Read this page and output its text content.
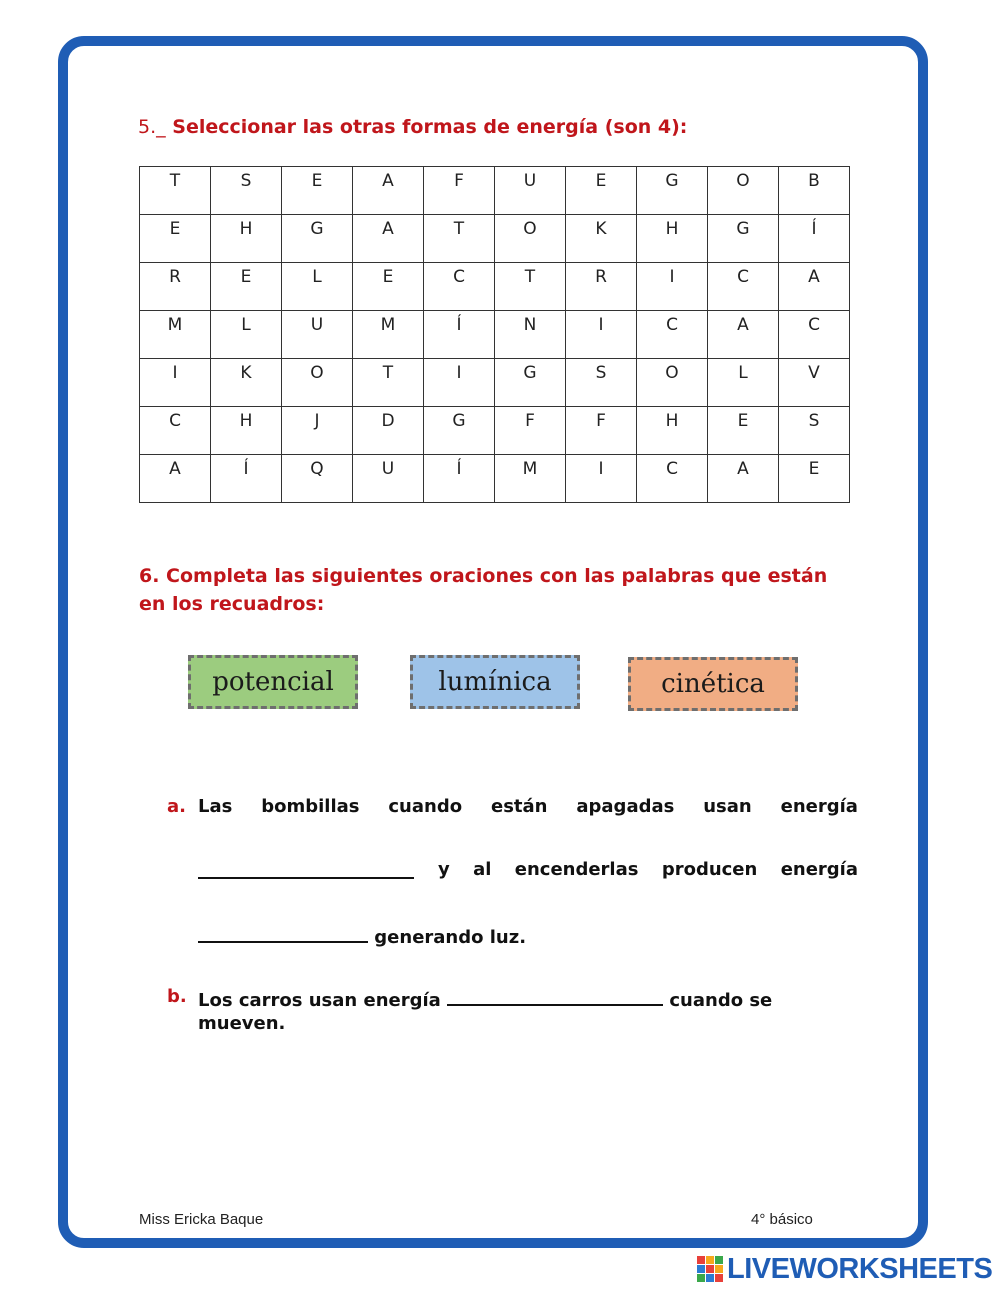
5._ Seleccionar las otras formas de energía (son 4):
T	S	E	A	F	U	E	G	O	B
E	H	G	A	T	O	K	H	G	Í
R	E	L	E	C	T	R	I	C	A
M	L	U	M	Í	N	I	C	A	C
I	K	O	T	I	G	S	O	L	V
C	H	J	D	G	F	F	H	E	S
A	Í	Q	U	Í	M	I	C	A	E
6. Completa las siguientes oraciones con las palabras que están en los recuadros:
potencial	lumínica	cinética
a. Las bombillas cuando están apagadas usan energía
y al encenderlas producen energía
generando luz.
b. Los carros usan energía	cuando se
mueven.
Miss Ericka Baque	4° básico
LIVEWORKSHEETS
